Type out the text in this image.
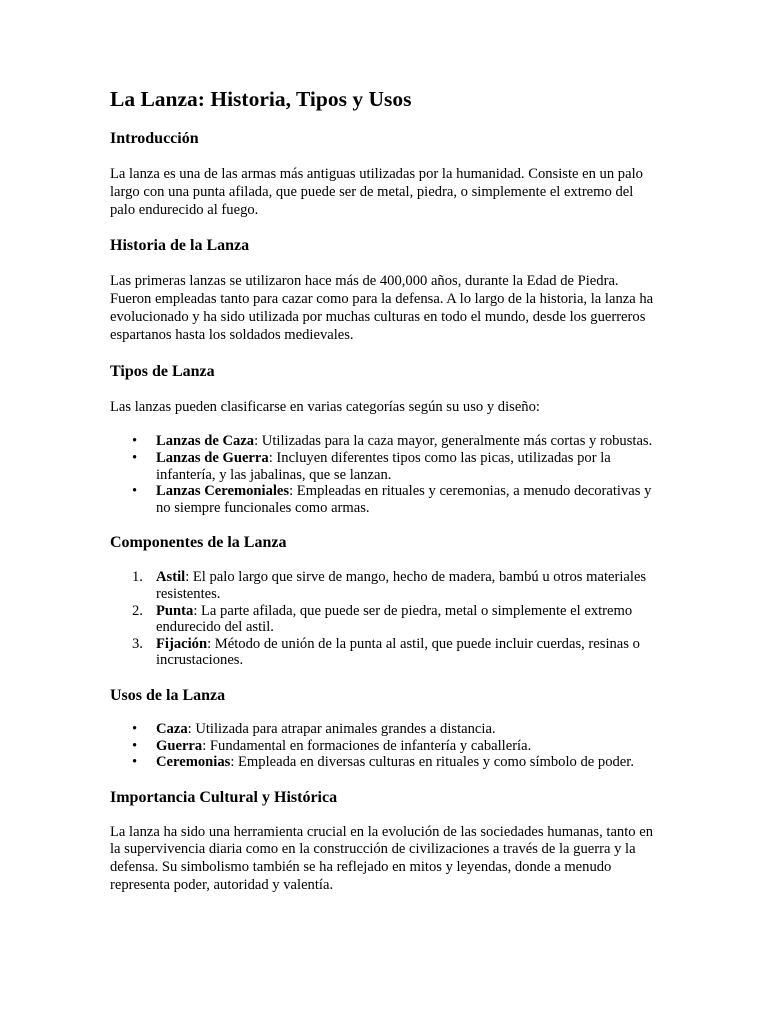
La Lanza: Historia, Tipos y Usos
Introducción

La lanza es una de las armas más antiguas utilizadas por la humanidad. Consiste en un palo largo con una punta afilada, que puede ser de metal, piedra, o simplemente el extremo del palo endurecido al fuego.

Historia de la Lanza

Las primeras lanzas se utilizaron hace más de 400,000 años, durante la Edad de Piedra. Fueron empleadas tanto para cazar como para la defensa. A lo largo de la historia, la lanza ha evolucionado y ha sido utilizada por muchas culturas en todo el mundo, desde los guerreros espartanos hasta los soldados medievales.

Tipos de Lanza

Las lanzas pueden clasificarse en varias categorías según su uso y diseño:

• Lanzas de Caza: Utilizadas para la caza mayor, generalmente más cortas y robustas.
• Lanzas de Guerra: Incluyen diferentes tipos como las picas, utilizadas por la infantería, y las jabalinas, que se lanzan.
• Lanzas Ceremoniales: Empleadas en rituales y ceremonias, a menudo decorativas y no siempre funcionales como armas.
Componentes de la Lanza
1. Astil: El palo largo que sirve de mango, hecho de madera, bambú u otros materiales resistentes.
2. Punta: La parte afilada, que puede ser de piedra, metal o simplemente el extremo endurecido del astil.
3. Fijación: Método de unión de la punta al astil, que puede incluir cuerdas, resinas o incrustaciones.
Usos de la Lanza
• Caza: Utilizada para atrapar animales grandes a distancia.
• Guerra: Fundamental en formaciones de infantería y caballería.
• Ceremonias: Empleada en diversas culturas en rituales y como símbolo de poder.
Importancia Cultural y Histórica

La lanza ha sido una herramienta crucial en la evolución de las sociedades humanas, tanto en la supervivencia diaria como en la construcción de civilizaciones a través de la guerra y la defensa. Su simbolismo también se ha reflejado en mitos y leyendas, donde a menudo representa poder, autoridad y valentía.
